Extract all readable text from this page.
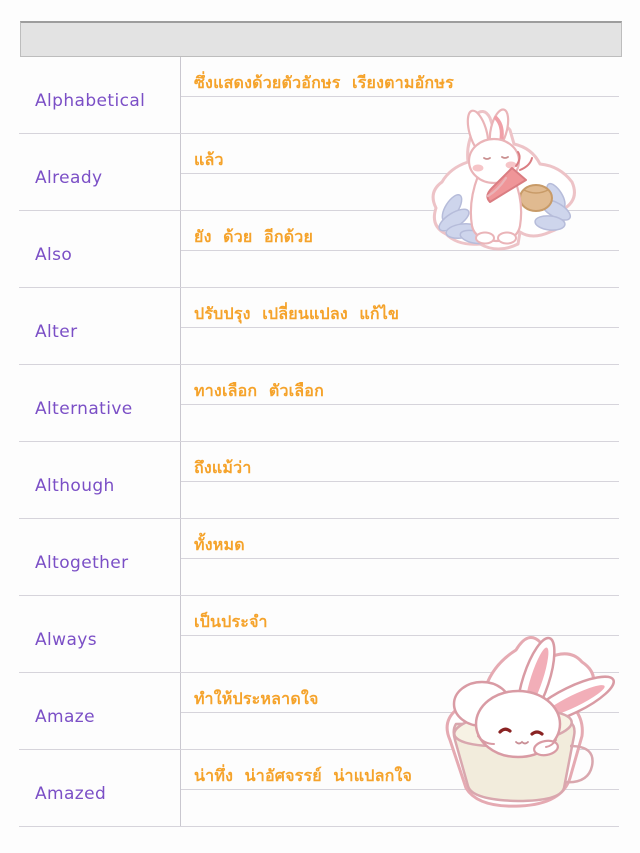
Alphabetical
ซึ่งแสดงด้วยตัวอักษร  เรียงตามอักษร
Already
แล้ว
Also
ยัง  ด้วย  อีกด้วย
Alter
ปรับปรุง  เปลี่ยนแปลง  แก้ไข
Alternative
ทางเลือก  ตัวเลือก
Although
ถึงแม้ว่า
Altogether
ทั้งหมด
Always
เป็นประจำ
Amaze
ทำให้ประหลาดใจ
Amazed
น่าทึ่ง  น่าอัศจรรย์  น่าแปลกใจ
